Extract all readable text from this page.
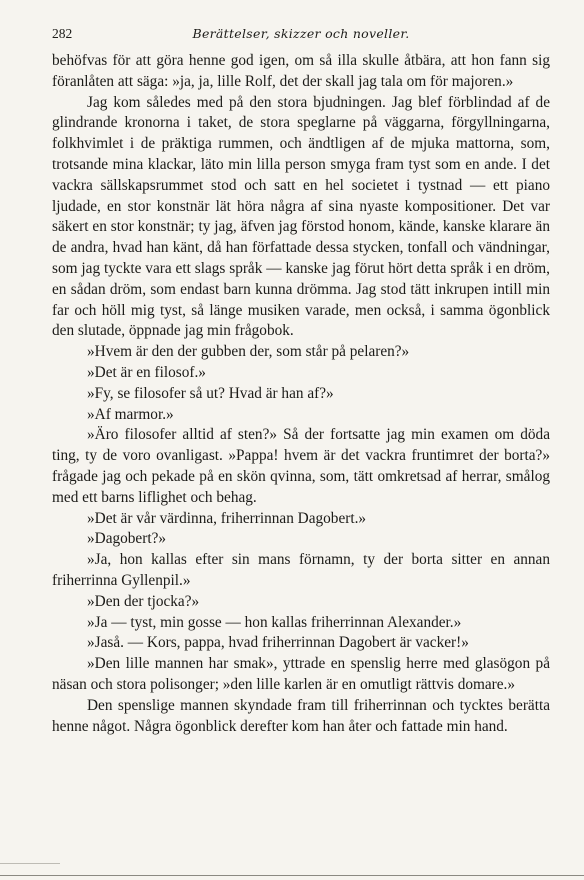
282	Berättelser, skizzer och noveller.

behöfvas för att göra henne god igen, om så illa skulle åtbära, att hon fann sig föranlåten att säga: »ja, ja, lille Rolf, det der skall jag tala om för majoren.»

Jag kom således med på den stora bjudningen. Jag blef förblindad af de glindrande kronorna i taket, de stora speglarne på väggarna, förgyllningarna, folkhvimlet i de präktiga rummen, och ändtligen af de mjuka mattorna, som, trotsande mina klackar, läto min lilla person smyga fram tyst som en ande. I det vackra sällskapsrummet stod och satt en hel societet i tystnad — ett piano ljudade, en stor konstnär lät höra några af sina nyaste kompositioner. Det var säkert en stor konstnär; ty jag, äfven jag förstod honom, kände, kanske klarare än de andra, hvad han känt, då han författade dessa stycken, tonfall och vändningar, som jag tyckte vara ett slags språk — kanske jag förut hört detta språk i en dröm, en sådan dröm, som endast barn kunna drömma. Jag stod tätt inkrupen intill min far och höll mig tyst, så länge musiken varade, men också, i samma ögonblick den slutade, öppnade jag min frågobok.

»Hvem är den der gubben der, som står på pelaren?»

»Det är en filosof.»

»Fy, se filosofer så ut? Hvad är han af?»

»Af marmor.»

»Äro filosofer alltid af sten?» Så der fortsatte jag min examen om döda ting, ty de voro ovanligast. »Pappa! hvem är det vackra fruntimret der borta?» frågade jag och pekade på en skön qvinna, som, tätt omkretsad af herrar, smålog med ett barns liflighet och behag.

»Det är vår värdinna, friherrinnan Dagobert.»

»Dagobert?»

»Ja, hon kallas efter sin mans förnamn, ty der borta sitter en annan friherrinna Gyllenpil.»

»Den der tjocka?»

»Ja — tyst, min gosse — hon kallas friherrinnan Alexander.»

»Jaså. — Kors, pappa, hvad friherrinnan Dagobert är vacker!»

»Den lille mannen har smak», yttrade en spenslig herre med glasögon på näsan och stora polisonger; »den lille karlen är en omutligt rättvis domare.»

Den spenslige mannen skyndade fram till friherrinnan och tycktes berätta henne något. Några ögonblick derefter kom han åter och fattade min hand.
